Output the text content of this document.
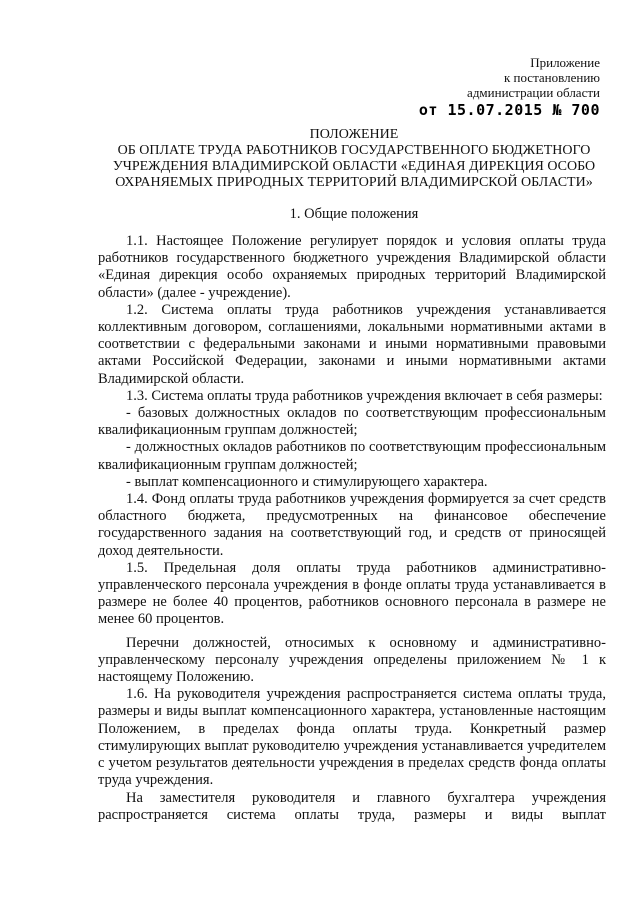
Приложение
к постановлению
администрации области
от 15.07.2015 № 700
ПОЛОЖЕНИЕ
ОБ ОПЛАТЕ ТРУДА РАБОТНИКОВ ГОСУДАРСТВЕННОГО БЮДЖЕТНОГО
УЧРЕЖДЕНИЯ ВЛАДИМИРСКОЙ ОБЛАСТИ «ЕДИНАЯ ДИРЕКЦИЯ ОСОБО
ОХРАНЯЕМЫХ ПРИРОДНЫХ ТЕРРИТОРИЙ ВЛАДИМИРСКОЙ ОБЛАСТИ»
1. Общие положения

1.1. Настоящее Положение регулирует порядок и условия оплаты труда работников государственного бюджетного учреждения Владимирской области «Единая дирекция особо охраняемых природных территорий Владимирской области» (далее - учреждение).

1.2. Система оплаты труда работников учреждения устанавливается коллективным договором, соглашениями, локальными нормативными актами в соответствии с федеральными законами и иными нормативными правовыми актами Российской Федерации, законами и иными нормативными актами Владимирской области.

1.3. Система оплаты труда работников учреждения включает в себя размеры:

- базовых должностных окладов по соответствующим профессиональным квалификационным группам должностей;

- должностных окладов работников по соответствующим профессиональным квалификационным группам должностей;

- выплат компенсационного и стимулирующего характера.

1.4. Фонд оплаты труда работников учреждения формируется за счет средств областного бюджета, предусмотренных на финансовое обеспечение государственного задания на соответствующий год, и средств от приносящей доход деятельности.

1.5. Предельная доля оплаты труда работников административно-управленческого персонала учреждения в фонде оплаты труда устанавливается в размере не более 40 процентов, работников основного персонала в размере не менее 60 процентов.

Перечни должностей, относимых к основному и административно-управленческому персоналу учреждения определены приложением № 1 к настоящему Положению.

1.6. На руководителя учреждения распространяется система оплаты труда, размеры и виды выплат компенсационного характера, установленные настоящим Положением, в пределах фонда оплаты труда. Конкретный размер стимулирующих выплат руководителю учреждения устанавливается учредителем с учетом результатов деятельности учреждения в пределах средств фонда оплаты труда учреждения.

На заместителя руководителя и главного бухгалтера учреждения распространяется система оплаты труда, размеры и виды выплат
